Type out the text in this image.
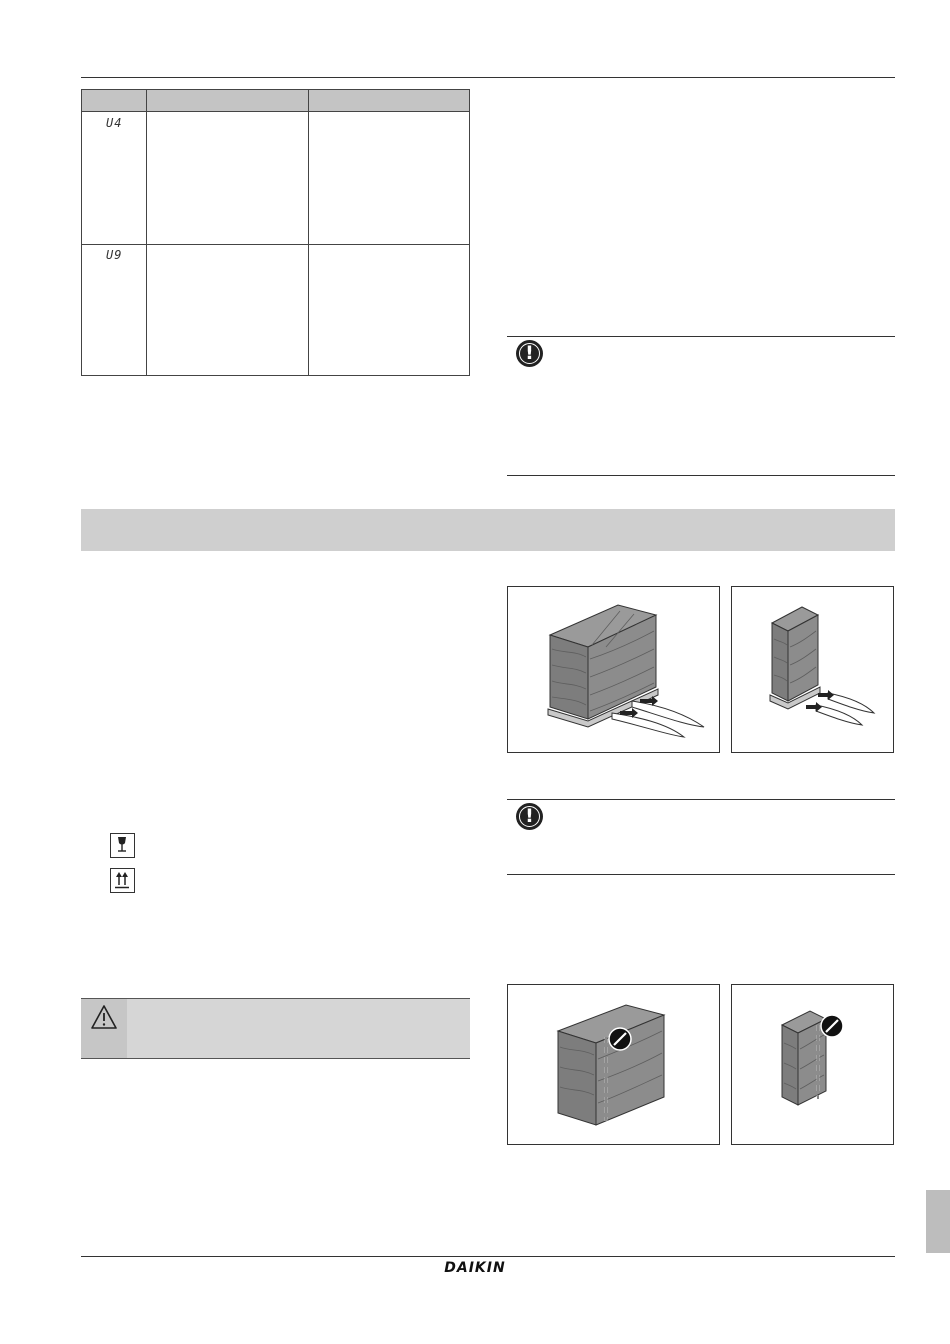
U4
U9
!
!
DAIKIN
